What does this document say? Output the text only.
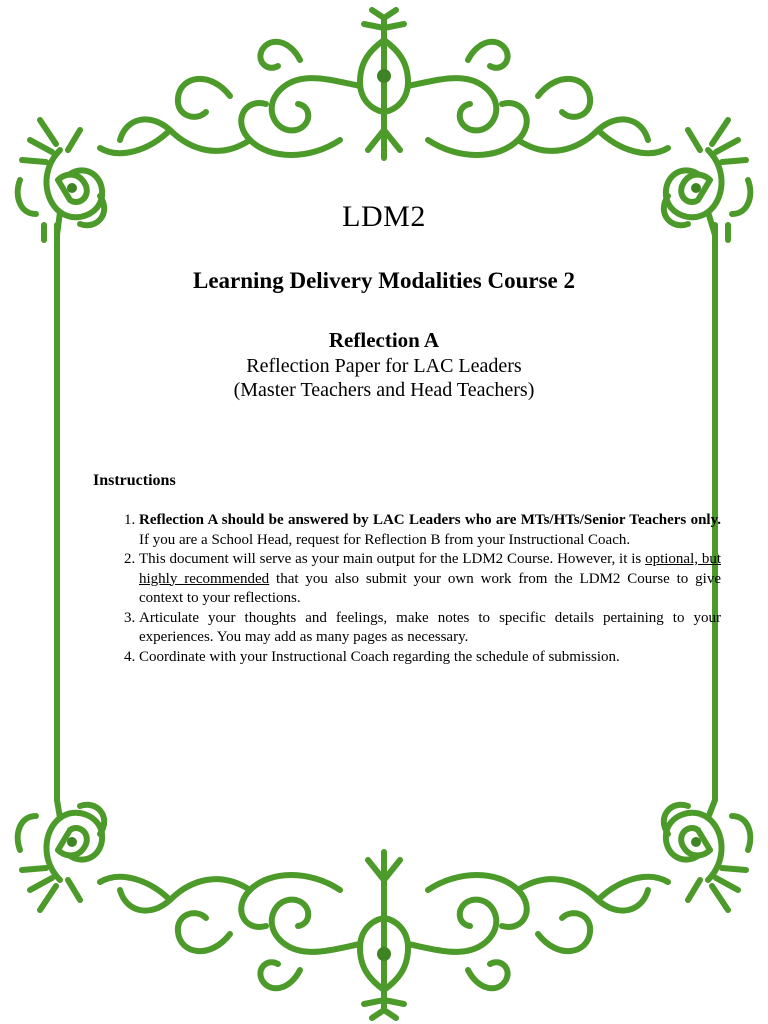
LDM2
Learning Delivery Modalities Course 2
Reflection A
Reflection Paper for LAC Leaders
(Master Teachers and Head Teachers)
Instructions
1. Reflection A should be answered by LAC Leaders who are MTs/HTs/Senior Teachers only. If you are a School Head, request for Reflection B from your Instructional Coach.
2. This document will serve as your main output for the LDM2 Course. However, it is optional, but highly recommended that you also submit your own work from the LDM2 Course to give context to your reflections.
3. Articulate your thoughts and feelings, make notes to specific details pertaining to your experiences. You may add as many pages as necessary.
4. Coordinate with your Instructional Coach regarding the schedule of submission.
